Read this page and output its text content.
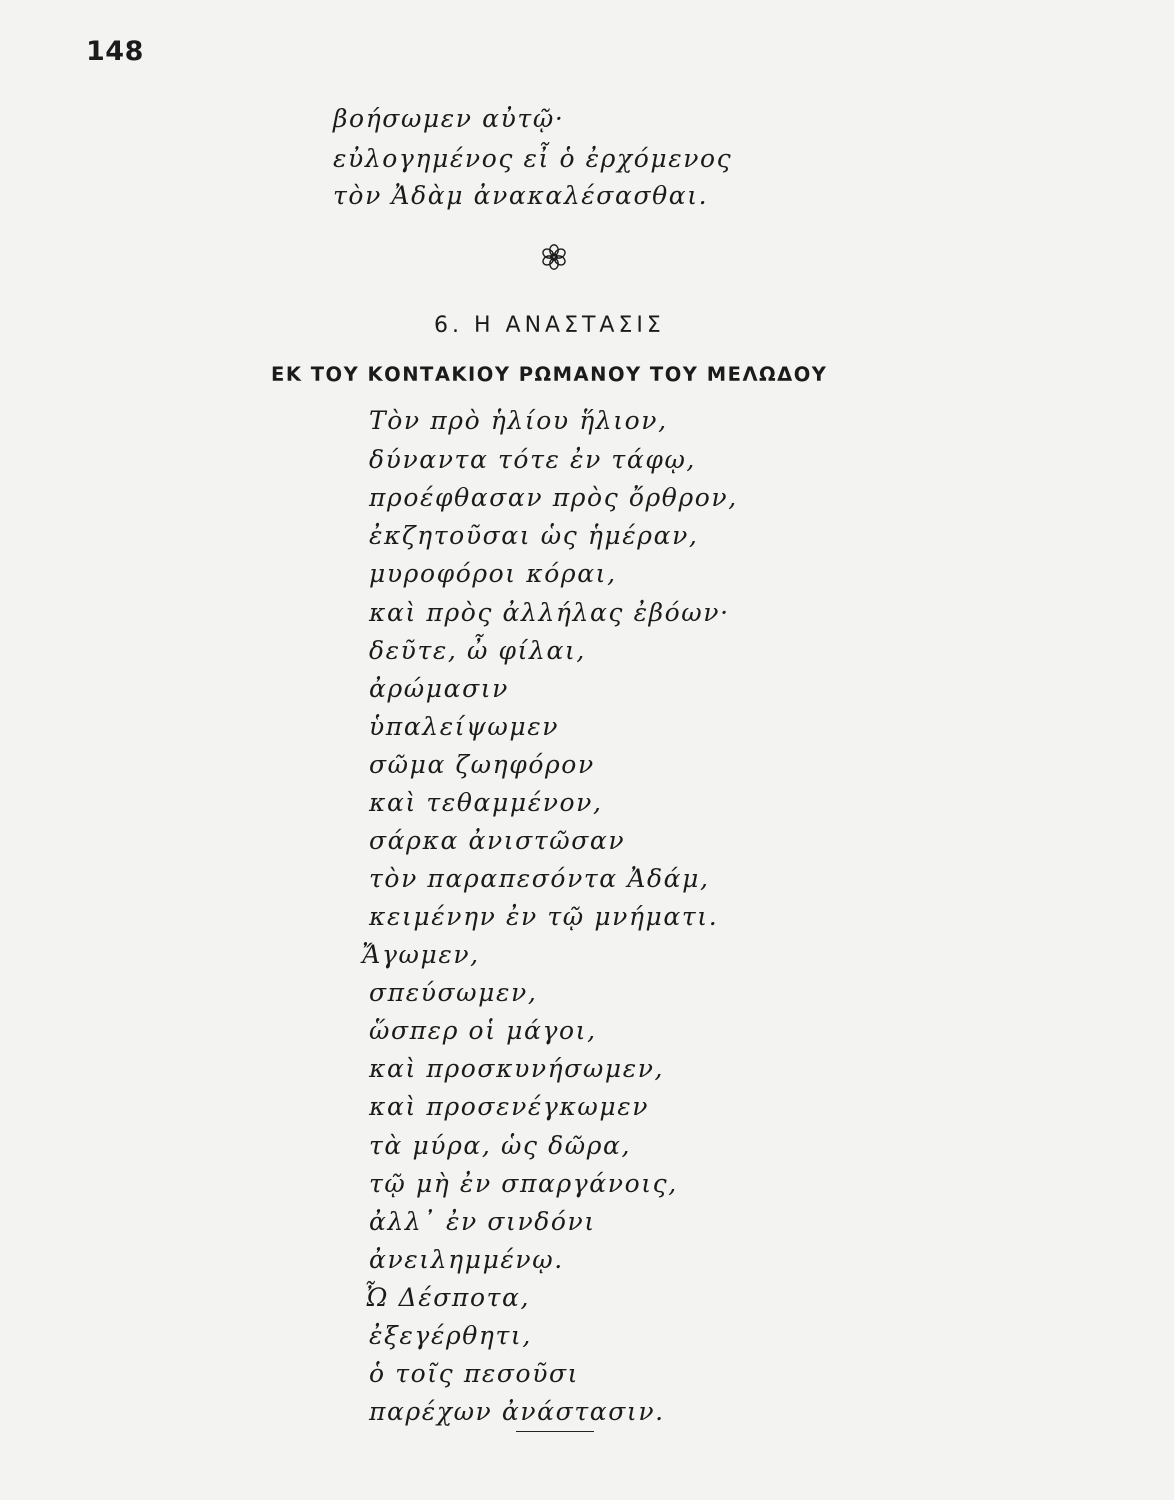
148
βοήσωμεν αὐτῷ·
εὐλογημένος εἶ ὁ ἐρχόμενος
τὸν Ἀδὰμ ἀνακαλέσασθαι.
6. Η ΑΝΑΣΤΑΣΙΣ
ΕΚ ΤΟΥ ΚΟΝΤΑΚΙΟΥ ΡΩΜΑΝΟΥ ΤΟΥ ΜΕΛΩΔΟΥ
Τὸν πρὸ ἡλίου ἥλιον,
δύναντα τότε ἐν τάφῳ,
προέφθασαν πρὸς ὄρθρον,
ἐκζητοῦσαι ὡς ἡμέραν,
μυροφόροι κόραι,
καὶ πρὸς ἀλλήλας ἐβόων·
δεῦτε, ὦ φίλαι,
ἀρώμασιν
ὑπαλείψωμεν
σῶμα ζωηφόρον
καὶ τεθαμμένον,
σάρκα ἀνιστῶσαν
τὸν παραπεσόντα Ἀδάμ,
κειμένην ἐν τῷ μνήματι.
Ἄγωμεν,
σπεύσωμεν,
ὥσπερ οἱ μάγοι,
καὶ προσκυνήσωμεν,
καὶ προσενέγκωμεν
τὰ μύρα, ὡς δῶρα,
τῷ μὴ ἐν σπαργάνοις,
ἀλλ᾽ ἐν σινδόνι
ἀνειλημμένῳ.
Ὦ Δέσποτα,
ἐξεγέρθητι,
ὁ τοῖς πεσοῦσι
παρέχων ἀνάστασιν.
